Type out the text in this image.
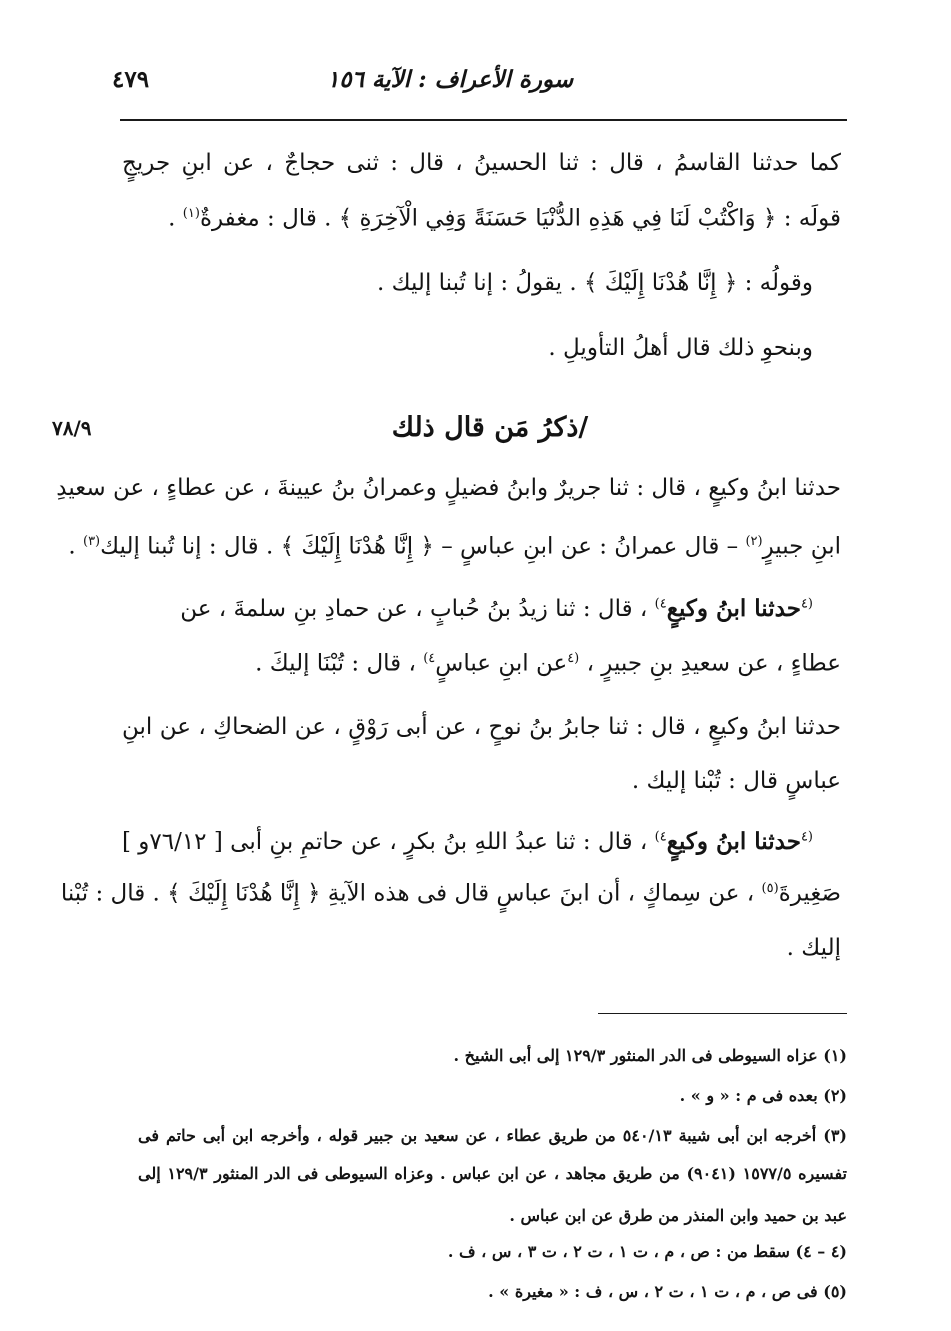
سورة الأعراف : الآية ١٥٦
٤٧٩
كما حدثنا القاسمُ ، قال : ثنا الحسينُ ، قال : ثنى حجاجٌ ، عن ابنِ جريجٍ
قولَه : ﴿ وَاكْتُبْ لَنَا فِي هَذِهِ الدُّنْيَا حَسَنَةً وَفِي الْآخِرَةِ ﴾ . قال : مغفرةٌ$^{(١)}$ .
وقولُه : ﴿ إِنَّا هُدْنَا إِلَيْكَ ﴾ . يقولُ : إنا تُبنا إليك .
وبنحوِ ذلك قال أهلُ التأويلِ .
/ذكرُ مَن قال ذلك
٧٨/٩
حدثنا ابنُ وكيعٍ ، قال : ثنا جريرٌ وابنُ فضيلٍ وعمرانُ بنُ عيينةَ ، عن عطاءٍ ، عن سعيدِ
ابنِ جبيرٍ$^{(٢)}$ – قال عمرانُ : عن ابنِ عباسٍ – ﴿ إِنَّا هُدْنَا إِلَيْكَ ﴾ . قال : إنا تُبنا إليك$^{(٣)}$ .
$^{(٤}$حدثنا ابنُ وكيعٍ$^{٤)}$ ، قال : ثنا زيدُ بنُ حُبابٍ ، عن حمادِ بنِ سلمةَ ، عن
عطاءٍ ، عن سعيدِ بنِ جبيرٍ ، $^{(٤}$عن ابنِ عباسٍ$^{٤)}$ ، قال : تُبْنَا إليكَ .
حدثنا ابنُ وكيعٍ ، قال : ثنا جابرُ بنُ نوحٍ ، عن أبى رَوْقٍ ، عن الضحاكِ ، عن ابنِ
عباسٍ قال : تُبْنا إليك .
$^{(٤}$حدثنا ابنُ وكيعٍ$^{٤)}$ ، قال : ثنا عبدُ اللهِ بنُ بكرٍ ، عن حاتمِ بنِ أبى [ ٧٦/١٢و ]
صَغِيرةَ$^{(٥)}$ ، عن سِماكٍ ، أن ابنَ عباسٍ قال فى هذه الآيةِ ﴿ إِنَّا هُدْنَا إِلَيْكَ ﴾ . قال : تُبْنا
إليك .
(١) عزاه السيوطى فى الدر المنثور ١٢٩/٣ إلى أبى الشيخ .
(٢) بعده فى م : « و » .
(٣) أخرجه ابن أبى شيبة ٥٤٠/١٣ من طريق عطاء ، عن سعيد بن جبير قوله ، وأخرجه ابن أبى حاتم فى
تفسيره ١٥٧٧/٥ (٩٠٤١) من طريق مجاهد ، عن ابن عباس . وعزاه السيوطى فى الدر المنثور ١٢٩/٣ إلى
عبد بن حميد وابن المنذر من طرق عن ابن عباس .
(٤ – ٤) سقط من : ص ، م ، ت ١ ، ت ٢ ، ت ٣ ، س ، ف .
(٥) فى ص ، م ، ت ١ ، ت ٢ ، س ، ف : « مغيرة » .
